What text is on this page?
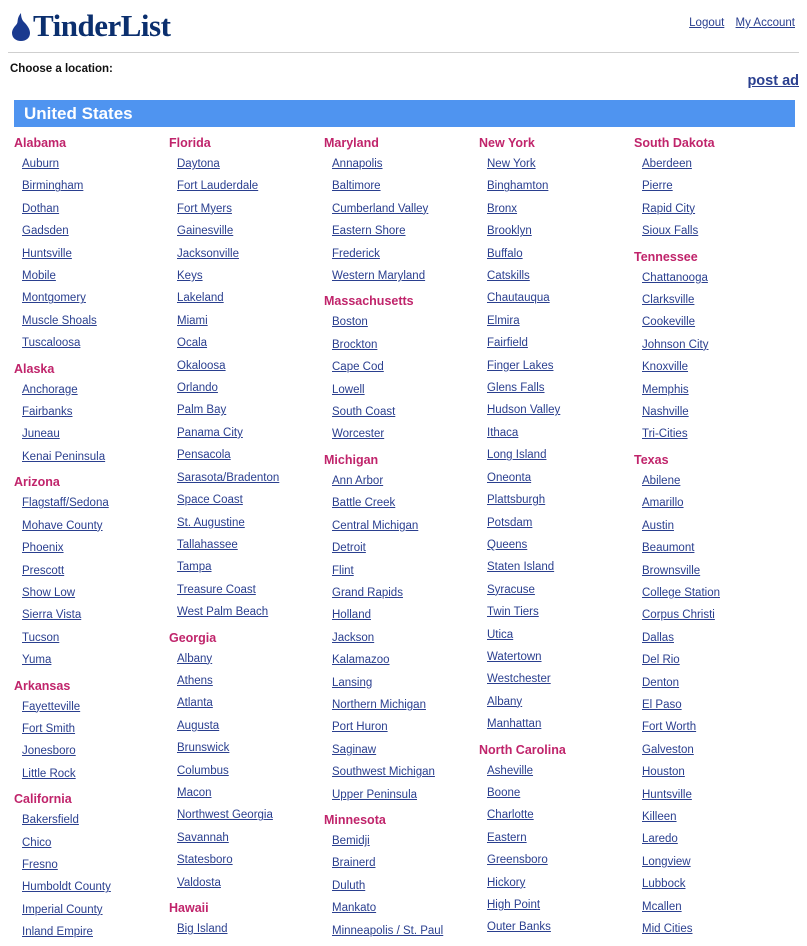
TinderList	Logout My Account
Choose a location:
post ad
United States
Alabama
Auburn
Birmingham
Dothan
Gadsden
Huntsville
Mobile
Montgomery
Muscle Shoals
Tuscaloosa
Alaska
Anchorage
Fairbanks
Juneau
Kenai Peninsula
Arizona
Flagstaff/Sedona
Mohave County
Phoenix
Prescott
Show Low
Sierra Vista
Tucson
Yuma
Arkansas
Fayetteville
Fort Smith
Jonesboro
Little Rock
California
Bakersfield
Chico
Fresno
Humboldt County
Imperial County
Inland Empire
Florida
Daytona
Fort Lauderdale
Fort Myers
Gainesville
Jacksonville
Keys
Lakeland
Miami
Ocala
Okaloosa
Orlando
Palm Bay
Panama City
Pensacola
Sarasota/Bradenton
Space Coast
St. Augustine
Tallahassee
Tampa
Treasure Coast
West Palm Beach
Georgia
Albany
Athens
Atlanta
Augusta
Brunswick
Columbus
Macon
Northwest Georgia
Savannah
Statesboro
Valdosta
Hawaii
Big Island
Maryland
Annapolis
Baltimore
Cumberland Valley
Eastern Shore
Frederick
Western Maryland
Massachusetts
Boston
Brockton
Cape Cod
Lowell
South Coast
Worcester
Michigan
Ann Arbor
Battle Creek
Central Michigan
Detroit
Flint
Grand Rapids
Holland
Jackson
Kalamazoo
Lansing
Northern Michigan
Port Huron
Saginaw
Southwest Michigan
Upper Peninsula
Minnesota
Bemidji
Brainerd
Duluth
Mankato
Minneapolis / St. Paul
New York
New York
Binghamton
Bronx
Brooklyn
Buffalo
Catskills
Chautauqua
Elmira
Fairfield
Finger Lakes
Glens Falls
Hudson Valley
Ithaca
Long Island
Oneonta
Plattsburgh
Potsdam
Queens
Staten Island
Syracuse
Twin Tiers
Utica
Watertown
Westchester
Albany
Manhattan
North Carolina
Asheville
Boone
Charlotte
Eastern
Greensboro
Hickory
High Point
Outer Banks
South Dakota
Aberdeen
Pierre
Rapid City
Sioux Falls
Tennessee
Chattanooga
Clarksville
Cookeville
Johnson City
Knoxville
Memphis
Nashville
Tri-Cities
Texas
Abilene
Amarillo
Austin
Beaumont
Brownsville
College Station
Corpus Christi
Dallas
Del Rio
Denton
El Paso
Fort Worth
Galveston
Houston
Huntsville
Killeen
Laredo
Longview
Lubbock
Mcallen
Mid Cities
